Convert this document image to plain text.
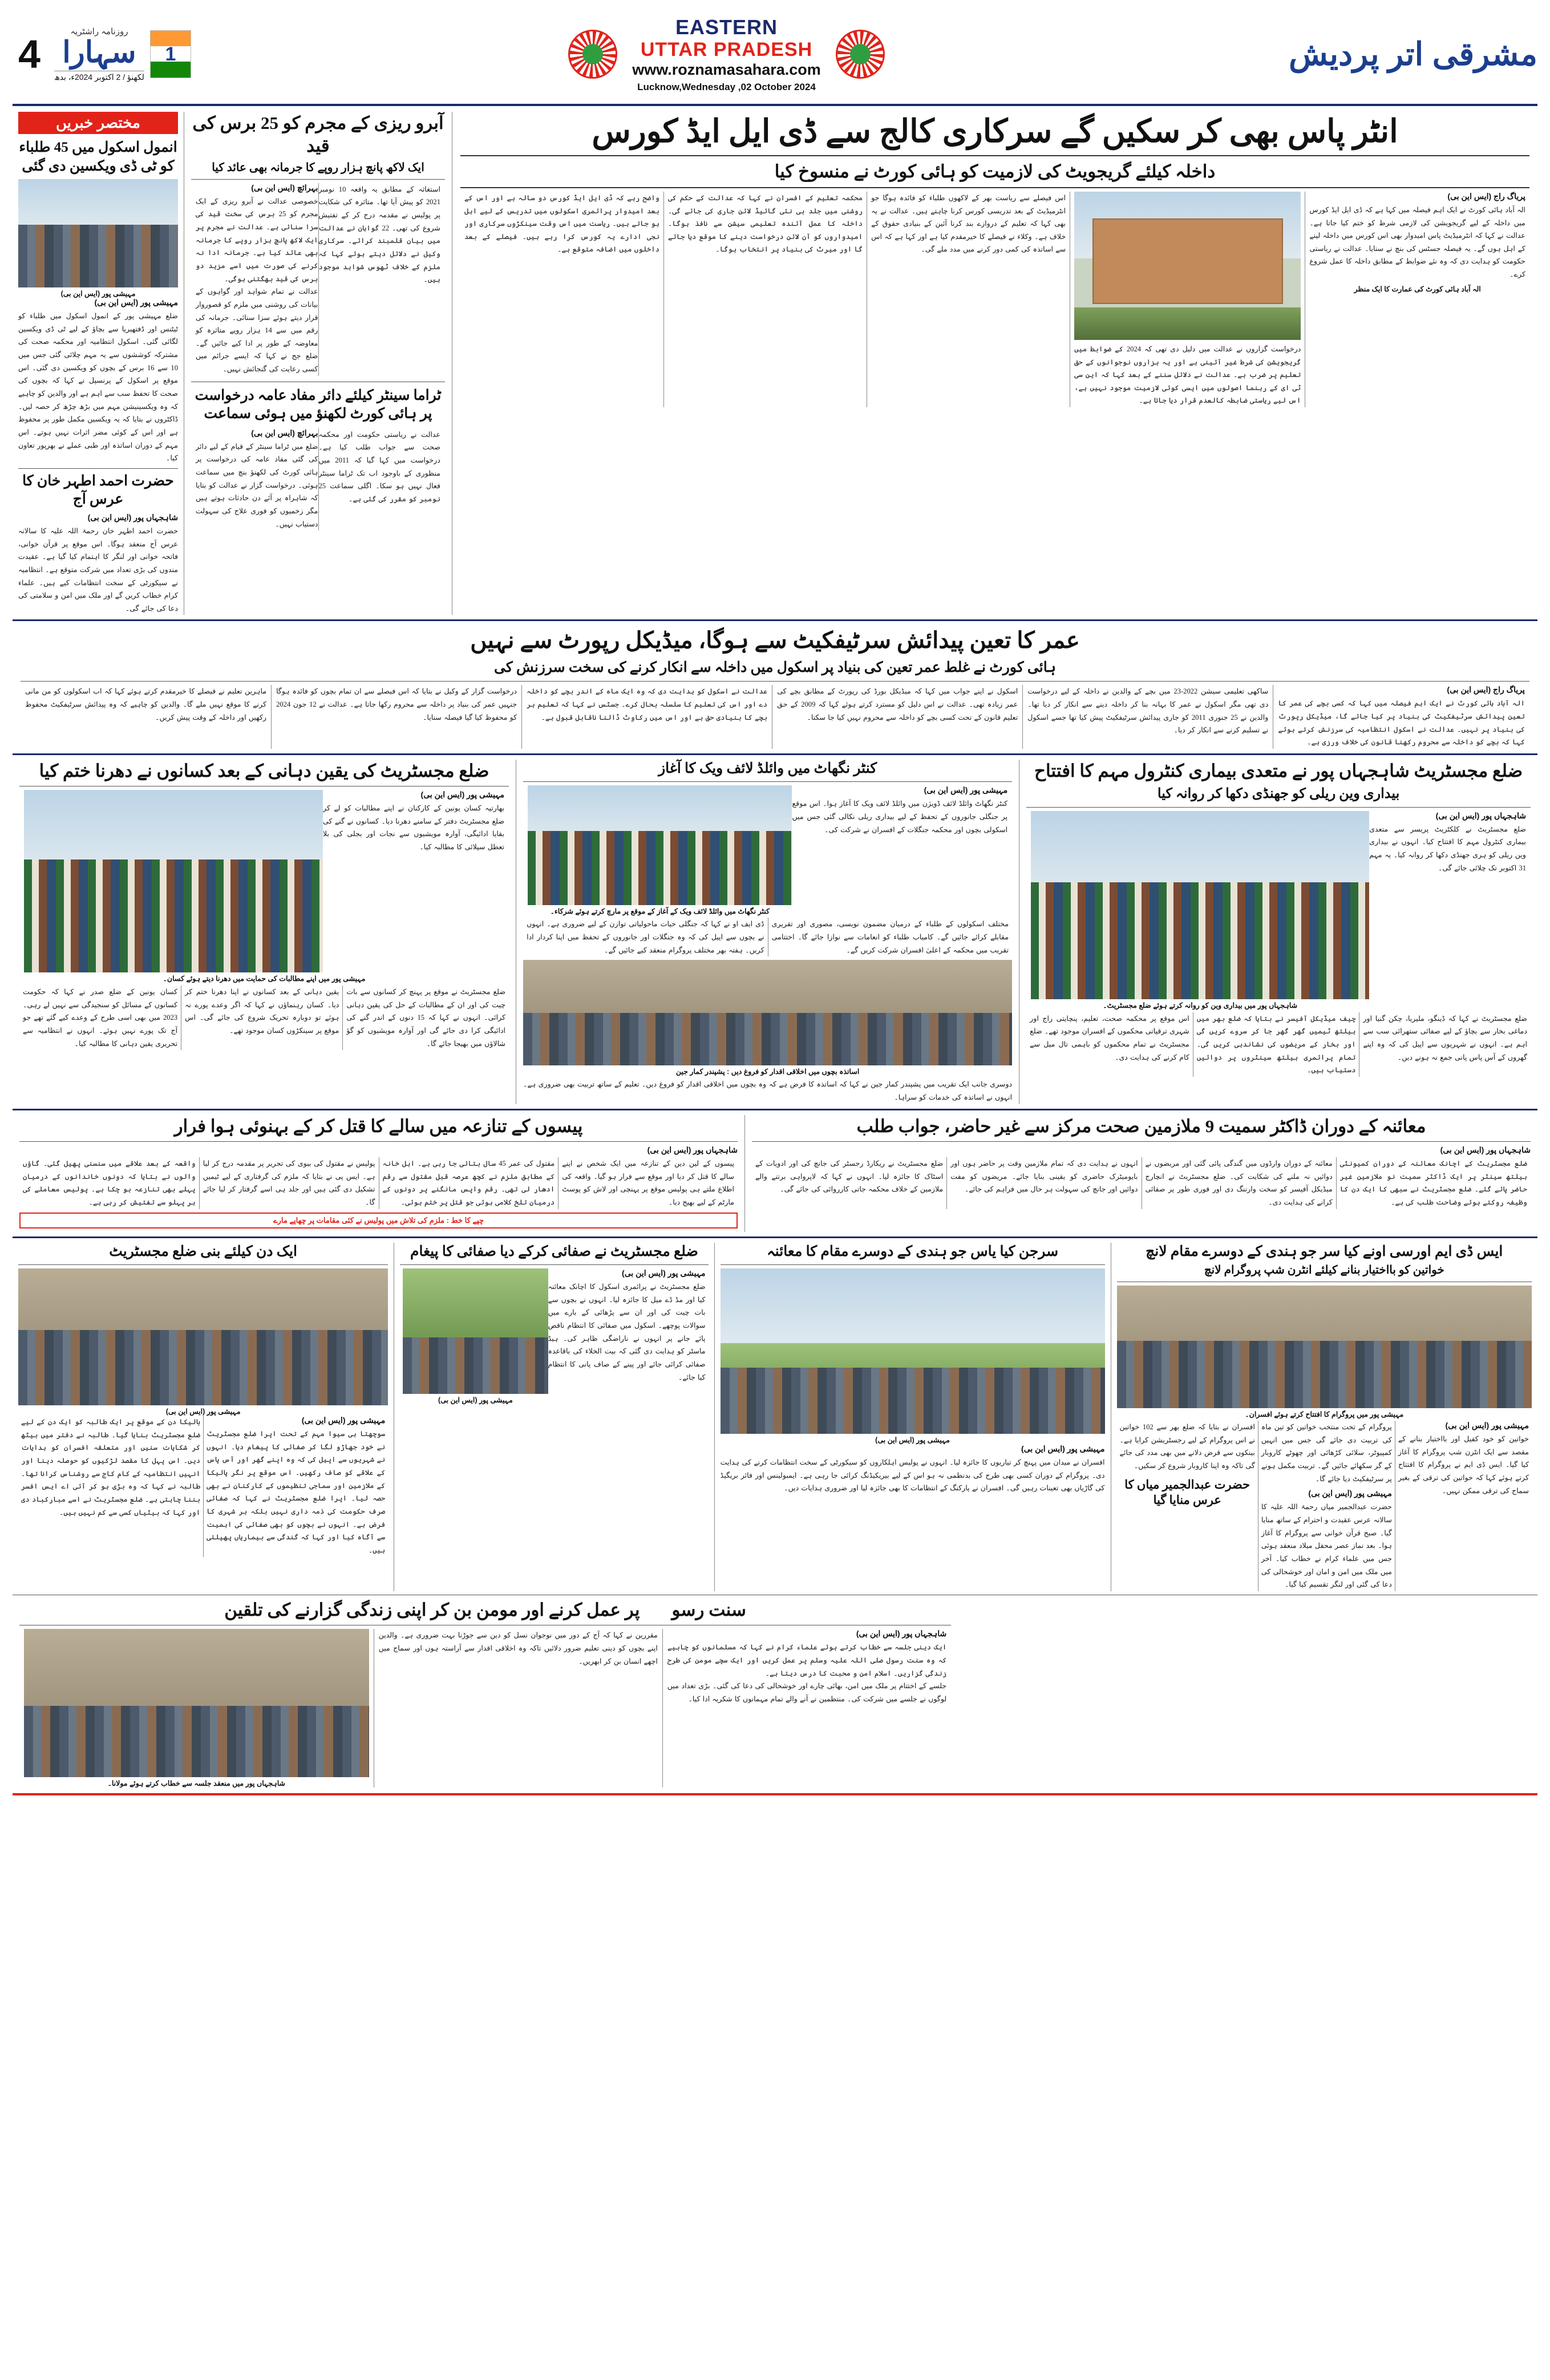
4
روزنامہ راشٹریہ
سہارا
لکھنؤ / 2 اکتوبر 2024ء، بدھ
1
EASTERN
UTTAR PRADESH
www.roznamasahara.com
Lucknow,Wednesday ,02 October 2024
مشرقی اتر پردیش
مختصر خبریں
انمول اسکول میں 45 طلباء کو ٹی ڈی ویکسین دی گئی
مہیشی پور (ایس این بی)
مہیشی پور (ایس این بی)
ضلع مہیشی پور کے انمول اسکول میں طلباء کو ٹیٹنس اور ڈفتھیریا سے بچاؤ کے لیے ٹی ڈی ویکسین لگائی گئی۔ اسکول انتظامیہ اور محکمہ صحت کی مشترکہ کوششوں سے یہ مہم چلائی گئی جس میں 10 سے 16 برس کے بچوں کو ویکسین دی گئی۔ اس موقع پر اسکول کے پرنسپل نے کہا کہ بچوں کی صحت کا تحفظ سب سے اہم ہے اور والدین کو چاہیے کہ وہ ویکسینیشن مہم میں بڑھ چڑھ کر حصہ لیں۔ ڈاکٹروں نے بتایا کہ یہ ویکسین مکمل طور پر محفوظ ہے اور اس کے کوئی مضر اثرات نہیں ہوتے۔ اس مہم کے دوران اساتذہ اور طبی عملے نے بھرپور تعاون کیا۔
حضرت احمد اطہر خان کا عرس آج
شاہجہاں پور (ایس این بی)
حضرت احمد اطہر خان رحمۃ اللہ علیہ کا سالانہ عرس آج منعقد ہوگا۔ اس موقع پر قرآن خوانی، فاتحہ خوانی اور لنگر کا اہتمام کیا گیا ہے۔ عقیدت مندوں کی بڑی تعداد میں شرکت متوقع ہے۔ انتظامیہ نے سیکورٹی کے سخت انتظامات کیے ہیں۔ علماء کرام خطاب کریں گے اور ملک میں امن و سلامتی کی دعا کی جائے گی۔
آبرو ریزی کے مجرم کو 25 برس کی قید
ایک لاکھ پانچ ہزار روپے کا جرمانہ بھی عائد کیا
بہرائچ (ایس این بی)
خصوصی عدالت نے آبرو ریزی کے ایک مجرم کو 25 برس کی سخت قید کی سزا سنائی ہے۔ عدالت نے مجرم پر ایک لاکھ پانچ ہزار روپے کا جرمانہ بھی عائد کیا ہے۔ جرمانہ ادا نہ کرنے کی صورت میں اسے مزید دو برس کی قید بھگتنی ہوگی۔
عدالت نے تمام شواہد اور گواہوں کے بیانات کی روشنی میں ملزم کو قصوروار قرار دیتے ہوئے سزا سنائی۔ جرمانہ کی رقم میں سے 14 ہزار روپے متاثرہ کو معاوضہ کے طور پر ادا کیے جائیں گے۔ ضلع جج نے کہا کہ ایسے جرائم میں کسی رعایت کی گنجائش نہیں۔
استغاثہ کے مطابق یہ واقعہ 10 نومبر 2021 کو پیش آیا تھا۔ متاثرہ کی شکایت پر پولیس نے مقدمہ درج کر کے تفتیش شروع کی تھی۔ 22 گواہان نے عدالت میں بیان قلمبند کرائے۔ سرکاری وکیل نے دلائل دیتے ہوئے کہا کہ ملزم کے خلاف ٹھوس شواہد موجود ہیں۔
ٹراما سینٹر کیلئے دائر مفاد عامہ درخواست پر ہائی کورٹ لکھنؤ میں ہوئی سماعت
بہرائچ (ایس این بی)
ضلع میں ٹراما سینٹر کے قیام کے لیے دائر کی گئی مفاد عامہ کی درخواست پر ہائی کورٹ کی لکھنؤ بنچ میں سماعت ہوئی۔ درخواست گزار نے عدالت کو بتایا کہ شاہراہ پر آئے دن حادثات ہوتے ہیں مگر زخمیوں کو فوری علاج کی سہولت دستیاب نہیں۔
عدالت نے ریاستی حکومت اور محکمہ صحت سے جواب طلب کیا ہے۔ درخواست میں کہا گیا کہ 2011 میں منظوری کے باوجود اب تک ٹراما سینٹر فعال نہیں ہو سکا۔ اگلی سماعت 25 نومبر کو مقرر کی گئی ہے۔
انٹر پاس بھی کر سکیں گے سرکاری کالج سے ڈی ایل ایڈ کورس
داخلہ کیلئے گریجویٹ کی لازمیت کو ہائی کورٹ نے منسوخ کیا
واضح رہے کہ ڈی ایل ایڈ کورس دو سالہ ہے اور اس کے بعد امیدوار پرائمری اسکولوں میں تدریس کے لیے اہل ہو جاتے ہیں۔ ریاست میں اس وقت سینکڑوں سرکاری اور نجی ادارے یہ کورس کرا رہے ہیں۔ فیصلے کے بعد داخلوں میں اضافہ متوقع ہے۔
محکمہ تعلیم کے افسران نے کہا کہ عدالت کے حکم کی روشنی میں جلد ہی نئی گائیڈ لائن جاری کی جائے گی۔ داخلہ کا عمل آئندہ تعلیمی سیشن سے نافذ ہوگا۔ امیدواروں کو آن لائن درخواست دینے کا موقع دیا جائے گا اور میرٹ کی بنیاد پر انتخاب ہوگا۔
اس فیصلے سے ریاست بھر کے لاکھوں طلباء کو فائدہ ہوگا جو انٹرمیڈیٹ کے بعد تدریسی کورس کرنا چاہتے ہیں۔ عدالت نے یہ بھی کہا کہ تعلیم کے دروازے بند کرنا آئین کے بنیادی حقوق کے خلاف ہے۔ وکلاء نے فیصلے کا خیرمقدم کیا ہے اور کہا ہے کہ اس سے اساتذہ کی کمی دور کرنے میں مدد ملے گی۔
درخواست گزاروں نے عدالت میں دلیل دی تھی کہ 2024 کے ضوابط میں گریجویشن کی شرط غیر آئینی ہے اور یہ ہزاروں نوجوانوں کے حق تعلیم پر ضرب ہے۔ عدالت نے دلائل سننے کے بعد کہا کہ این سی ٹی ای کے رہنما اصولوں میں ایسی کوئی لازمیت موجود نہیں ہے، اس لیے ریاستی ضابطہ کالعدم قرار دیا جاتا ہے۔
پریاگ راج (ایس این بی)
الہ آباد ہائی کورٹ نے ایک اہم فیصلہ میں کہا ہے کہ ڈی ایل ایڈ کورس میں داخلہ کے لیے گریجویشن کی لازمی شرط کو ختم کیا جاتا ہے۔ عدالت نے کہا کہ انٹرمیڈیٹ پاس امیدوار بھی اس کورس میں داخلہ لینے کے اہل ہوں گے۔ یہ فیصلہ جسٹس کی بنچ نے سنایا۔ عدالت نے ریاستی حکومت کو ہدایت دی کہ وہ نئے ضوابط کے مطابق داخلہ کا عمل شروع کرے۔
الہ آباد ہائی کورٹ کی عمارت کا ایک منظر
عمر کا تعین پیدائش سرٹیفکیٹ سے ہوگا، میڈیکل رپورٹ سے نہیں
ہائی کورٹ نے غلط عمر تعین کی بنیاد پر اسکول میں داخلہ سے انکار کرنے کی سخت سرزنش کی
ماہرین تعلیم نے فیصلے کا خیرمقدم کرتے ہوئے کہا کہ اب اسکولوں کو من مانی کرنے کا موقع نہیں ملے گا۔ والدین کو چاہیے کہ وہ پیدائش سرٹیفکیٹ محفوظ رکھیں اور داخلہ کے وقت پیش کریں۔
درخواست گزار کے وکیل نے بتایا کہ اس فیصلے سے ان تمام بچوں کو فائدہ ہوگا جنہیں عمر کی بنیاد پر داخلہ سے محروم رکھا جاتا ہے۔ عدالت نے 12 جون 2024 کو محفوظ کیا گیا فیصلہ سنایا۔
عدالت نے اسکول کو ہدایت دی کہ وہ ایک ماہ کے اندر بچے کو داخلہ دے اور اس کی تعلیم کا سلسلہ بحال کرے۔ جسٹس نے کہا کہ تعلیم ہر بچے کا بنیادی حق ہے اور اس میں رکاوٹ ڈالنا ناقابل قبول ہے۔
اسکول نے اپنے جواب میں کہا کہ میڈیکل بورڈ کی رپورٹ کے مطابق بچے کی عمر زیادہ تھی۔ عدالت نے اس دلیل کو مسترد کرتے ہوئے کہا کہ 2009 کے حق تعلیم قانون کے تحت کسی بچے کو داخلہ سے محروم نہیں کیا جا سکتا۔
ساکھی تعلیمی سیشن 2022-23 میں بچے کے والدین نے داخلہ کے لیے درخواست دی تھی مگر اسکول نے عمر کا بہانہ بنا کر داخلہ دینے سے انکار کر دیا تھا۔ والدین نے 25 جنوری 2011 کو جاری پیدائش سرٹیفکیٹ پیش کیا تھا جسے اسکول نے تسلیم کرنے سے انکار کر دیا۔
پریاگ راج (ایس این بی)
الہ آباد ہائی کورٹ نے ایک اہم فیصلہ میں کہا کہ کسی بچے کی عمر کا تعین پیدائش سرٹیفکیٹ کی بنیاد پر کیا جائے گا، میڈیکل رپورٹ کی بنیاد پر نہیں۔ عدالت نے اسکول انتظامیہ کی سرزنش کرتے ہوئے کہا کہ بچے کو داخلہ سے محروم رکھنا قانون کی خلاف ورزی ہے۔
ضلع مجسٹریٹ کی یقین دہانی کے بعد کسانوں نے دھرنا ختم کیا
مہیشی پور (ایس این بی)
بھارتیہ کسان یونین کے کارکنان نے اپنے مطالبات کو لے کر ضلع مجسٹریٹ دفتر کے سامنے دھرنا دیا۔ کسانوں نے گنے کی بقایا ادائیگی، آوارہ مویشیوں سے نجات اور بجلی کی بلا تعطل سپلائی کا مطالبہ کیا۔
مہیشی پور میں اپنے مطالبات کی حمایت میں دھرنا دیتے ہوئے کسان۔
کسان یونین کے ضلع صدر نے کہا کہ حکومت کسانوں کے مسائل کو سنجیدگی سے نہیں لے رہی۔ 2023 میں بھی اسی طرح کے وعدے کیے گئے تھے جو آج تک پورے نہیں ہوئے۔ انہوں نے انتظامیہ سے تحریری یقین دہانی کا مطالبہ کیا۔
یقین دہانی کے بعد کسانوں نے اپنا دھرنا ختم کر دیا۔ کسان رہنماؤں نے کہا کہ اگر وعدے پورے نہ ہوئے تو دوبارہ تحریک شروع کی جائے گی۔ اس موقع پر سینکڑوں کسان موجود تھے۔
ضلع مجسٹریٹ نے موقع پر پہنچ کر کسانوں سے بات چیت کی اور ان کے مطالبات کے حل کی یقین دہانی کرائی۔ انہوں نے کہا کہ 15 دنوں کے اندر گنے کی ادائیگی کرا دی جائے گی اور آوارہ مویشیوں کو گؤ شالاؤں میں بھیجا جائے گا۔
کنٹر نگھاٹ میں وائلڈ لائف ویک کا آغاز
کنٹر نگھاٹ میں وائلڈ لائف ویک کے آغاز کے موقع پر مارچ کرتے ہوئے شرکاء۔
مہیشی پور (ایس این بی)
کنٹر نگھاٹ وائلڈ لائف ڈویژن میں وائلڈ لائف ویک کا آغاز ہوا۔ اس موقع پر جنگلی جانوروں کے تحفظ کے لیے بیداری ریلی نکالی گئی جس میں اسکولی بچوں اور محکمہ جنگلات کے افسران نے شرکت کی۔
ڈی ایف او نے کہا کہ جنگلی حیات ماحولیاتی توازن کے لیے ضروری ہے۔ انہوں نے بچوں سے اپیل کی کہ وہ جنگلات اور جانوروں کے تحفظ میں اپنا کردار ادا کریں۔ ہفتہ بھر مختلف پروگرام منعقد کیے جائیں گے۔
مختلف اسکولوں کے طلباء کے درمیان مضمون نویسی، مصوری اور تقریری مقابلے کرائے جائیں گے۔ کامیاب طلباء کو انعامات سے نوازا جائے گا۔ اختتامی تقریب میں محکمہ کے اعلیٰ افسران شرکت کریں گے۔
اساتذہ بچوں میں اخلاقی اقدار کو فروغ دیں : پشپندر کمار جین
دوسری جانب ایک تقریب میں پشپندر کمار جین نے کہا کہ اساتذہ کا فرض ہے کہ وہ بچوں میں اخلاقی اقدار کو فروغ دیں۔ تعلیم کے ساتھ تربیت بھی ضروری ہے۔ انہوں نے اساتذہ کی خدمات کو سراہا۔
ضلع مجسٹریٹ شاہجہاں پور نے متعدی بیماری کنٹرول مہم کا افتتاح
بیداری وین ریلی کو جھنڈی دکھا کر روانہ کیا
شاہجہاں پور میں بیداری وین کو روانہ کرتے ہوئے ضلع مجسٹریٹ۔
شاہجہاں پور (ایس این بی)
ضلع مجسٹریٹ نے کلکٹریٹ پریسر سے متعدی بیماری کنٹرول مہم کا افتتاح کیا۔ انہوں نے بیداری وین ریلی کو ہری جھنڈی دکھا کر روانہ کیا۔ یہ مہم 31 اکتوبر تک چلائی جائے گی۔
اس موقع پر محکمہ صحت، تعلیم، پنچایتی راج اور شہری ترقیاتی محکموں کے افسران موجود تھے۔ ضلع مجسٹریٹ نے تمام محکموں کو باہمی تال میل سے کام کرنے کی ہدایت دی۔
چیف میڈیکل آفیسر نے بتایا کہ ضلع بھر میں ہیلتھ ٹیمیں گھر گھر جا کر سروے کریں گی اور بخار کے مریضوں کی نشاندہی کریں گی۔ تمام پرائمری ہیلتھ سینٹروں پر دوائیں دستیاب ہیں۔
ضلع مجسٹریٹ نے کہا کہ ڈینگو، ملیریا، چکن گنیا اور دماغی بخار سے بچاؤ کے لیے صفائی ستھرائی سب سے اہم ہے۔ انہوں نے شہریوں سے اپیل کی کہ وہ اپنے گھروں کے آس پاس پانی جمع نہ ہونے دیں۔
پیسوں کے تنازعہ میں سالے کا قتل کر کے بہنوئی ہوا فرار
شاہجہاں پور (ایس این بی)
واقعہ کے بعد علاقے میں سنسنی پھیل گئی۔ گاؤں والوں نے بتایا کہ دونوں خاندانوں کے درمیان پہلے بھی تنازعہ ہو چکا ہے۔ پولیس معاملے کی ہر پہلو سے تفتیش کر رہی ہے۔
پولیس نے مقتول کی بیوی کی تحریر پر مقدمہ درج کر لیا ہے۔ ایس پی نے بتایا کہ ملزم کی گرفتاری کے لیے ٹیمیں تشکیل دی گئی ہیں اور جلد ہی اسے گرفتار کر لیا جائے گا۔
مقتول کی عمر 45 سال بتائی جا رہی ہے۔ اہل خانہ کے مطابق ملزم نے کچھ عرصہ قبل مقتول سے رقم ادھار لی تھی۔ رقم واپس مانگنے پر دونوں کے درمیان تلخ کلامی ہوئی جو قتل پر ختم ہوئی۔
پیسوں کے لین دین کے تنازعہ میں ایک شخص نے اپنے سالے کا قتل کر دیا اور موقع سے فرار ہو گیا۔ واقعہ کی اطلاع ملتے ہی پولیس موقع پر پہنچی اور لاش کو پوسٹ مارٹم کے لیے بھیج دیا۔
چپے کا خط : ملزم کی تلاش میں پولیس نے کئی مقامات پر چھاپے مارے
معائنہ کے دوران ڈاکٹر سمیت 9 ملازمین صحت مرکز سے غیر حاضر، جواب طلب
شاہجہاں پور (ایس این بی)
ضلع مجسٹریٹ نے ریکارڈ رجسٹر کی جانچ کی اور ادویات کے اسٹاک کا جائزہ لیا۔ انہوں نے کہا کہ لاپرواہی برتنے والے ملازمین کے خلاف محکمہ جاتی کارروائی کی جائے گی۔
انہوں نے ہدایت دی کہ تمام ملازمین وقت پر حاضر ہوں اور بایومیٹرک حاضری کو یقینی بنایا جائے۔ مریضوں کو مفت دوائیں اور جانچ کی سہولت ہر حال میں فراہم کی جائے۔
معائنہ کے دوران وارڈوں میں گندگی پائی گئی اور مریضوں نے دوائیں نہ ملنے کی شکایت کی۔ ضلع مجسٹریٹ نے انچارج میڈیکل آفیسر کو سخت وارننگ دی اور فوری طور پر صفائی کرانے کی ہدایت دی۔
ضلع مجسٹریٹ کے اچانک معائنہ کے دوران کمیونٹی ہیلتھ سینٹر پر ایک ڈاکٹر سمیت نو ملازمین غیر حاضر پائے گئے۔ ضلع مجسٹریٹ نے سبھی کا ایک دن کا وظیفہ روکتے ہوئے وضاحت طلب کی ہے۔
ایک دن کیلئے بنی ضلع مجسٹریٹ
مہیشی پور (ایس این بی)
بالیکا دن کے موقع پر ایک طالبہ کو ایک دن کے لیے ضلع مجسٹریٹ بنایا گیا۔ طالبہ نے دفتر میں بیٹھ کر شکایات سنیں اور متعلقہ افسران کو ہدایات دیں۔ اس پہل کا مقصد لڑکیوں کو حوصلہ دینا اور انہیں انتظامیہ کے کام کاج سے روشناس کرانا تھا۔ طالبہ نے کہا کہ وہ بڑی ہو کر آئی اے ایس افسر بننا چاہتی ہے۔ ضلع مجسٹریٹ نے اسے مبارکباد دی اور کہا کہ بیٹیاں کسی سے کم نہیں ہیں۔
مہیشی پور (ایس این بی)
سوچھتا ہی سیوا مہم کے تحت اپرا ضلع مجسٹریٹ نے خود جھاڑو لگا کر صفائی کا پیغام دیا۔ انہوں نے شہریوں سے اپیل کی کہ وہ اپنے گھر اور آس پاس کے علاقے کو صاف رکھیں۔ اس موقع پر نگر پالیکا کے ملازمین اور سماجی تنظیموں کے کارکنان نے بھی حصہ لیا۔ اپرا ضلع مجسٹریٹ نے کہا کہ صفائی صرف حکومت کی ذمہ داری نہیں بلکہ ہر شہری کا فرض ہے۔ انہوں نے بچوں کو بھی صفائی کی اہمیت سے آگاہ کیا اور کہا کہ گندگی سے بیماریاں پھیلتی ہیں۔
ضلع مجسٹریٹ نے صفائی کرکے دیا صفائی کا پیغام
مہیشی پور (ایس این بی)
مہیشی پور (ایس این بی)
ضلع مجسٹریٹ نے پرائمری اسکول کا اچانک معائنہ کیا اور مڈ ڈے میل کا جائزہ لیا۔ انہوں نے بچوں سے بات چیت کی اور ان سے پڑھائی کے بارے میں سوالات پوچھے۔ اسکول میں صفائی کا انتظام ناقص پائے جانے پر انہوں نے ناراضگی ظاہر کی۔ ہیڈ ماسٹر کو ہدایت دی گئی کہ بیت الخلاء کی باقاعدہ صفائی کرائی جائے اور پینے کے صاف پانی کا انتظام کیا جائے۔
سرجن کیا یاس جو ہندی کے دوسرے مقام کا معائنہ
مہیشی پور (ایس این بی)
مہیشی پور (ایس این بی)
افسران نے میدان میں پہنچ کر تیاریوں کا جائزہ لیا۔ انہوں نے پولیس اہلکاروں کو سیکورٹی کے سخت انتظامات کرنے کی ہدایت دی۔ پروگرام کے دوران کسی بھی طرح کی بدنظمی نہ ہو اس کے لیے بیریکیڈنگ کرائی جا رہی ہے۔ ایمبولینس اور فائر بریگیڈ کی گاڑیاں بھی تعینات رہیں گی۔ افسران نے پارکنگ کے انتظامات کا بھی جائزہ لیا اور ضروری ہدایات دیں۔
ایس ڈی ایم اورسی اونے کیا سر جو ہندی کے دوسرے مقام لانچ
خواتین کو بااختیار بنانے کیلئے انٹرن شپ پروگرام لانچ
مہیشی پور میں پروگرام کا افتتاح کرتے ہوئے افسران۔
افسران نے بتایا کہ ضلع بھر سے 102 خواتین نے اس پروگرام کے لیے رجسٹریشن کرایا ہے۔ بینکوں سے قرض دلانے میں بھی مدد کی جائے گی تاکہ وہ اپنا کاروبار شروع کر سکیں۔
حضرت عبدالجمیر میاں کا عرس منایا گیا
پروگرام کے تحت منتخب خواتین کو تین ماہ کی تربیت دی جائے گی جس میں انہیں کمپیوٹر، سلائی کڑھائی اور چھوٹے کاروبار کے گر سکھائے جائیں گے۔ تربیت مکمل ہونے پر سرٹیفکیٹ دیا جائے گا۔
مہیشی پور (ایس این بی)
حضرت عبدالجمیر میاں رحمۃ اللہ علیہ کا سالانہ عرس عقیدت و احترام کے ساتھ منایا گیا۔ صبح قرآن خوانی سے پروگرام کا آغاز ہوا۔ بعد نماز عصر محفل میلاد منعقد ہوئی جس میں علماء کرام نے خطاب کیا۔ آخر میں ملک میں امن و امان اور خوشحالی کی دعا کی گئی اور لنگر تقسیم کیا گیا۔
مہیشی پور (ایس این بی)
خواتین کو خود کفیل اور بااختیار بنانے کے مقصد سے ایک انٹرن شپ پروگرام کا آغاز کیا گیا۔ ایس ڈی ایم نے پروگرام کا افتتاح کرتے ہوئے کہا کہ خواتین کی ترقی کے بغیر سماج کی ترقی ممکن نہیں۔
سنت رسولؐ پر عمل کرنے اور مومن بن کر اپنی زندگی گزارنے کی تلقین
شاہجہاں پور میں منعقد جلسہ سے خطاب کرتے ہوئے مولانا۔
مقررین نے کہا کہ آج کے دور میں نوجوان نسل کو دین سے جوڑنا بہت ضروری ہے۔ والدین اپنے بچوں کو دینی تعلیم ضرور دلائیں تاکہ وہ اخلاقی اقدار سے آراستہ ہوں اور سماج میں اچھے انسان بن کر ابھریں۔
شاہجہاں پور (ایس این بی)
ایک دینی جلسہ سے خطاب کرتے ہوئے علماء کرام نے کہا کہ مسلمانوں کو چاہیے کہ وہ سنت رسول صلی اللہ علیہ وسلم پر عمل کریں اور ایک سچے مومن کی طرح زندگی گزاریں۔ اسلام امن و محبت کا درس دیتا ہے۔
جلسے کے اختتام پر ملک میں امن، بھائی چارے اور خوشحالی کی دعا کی گئی۔ بڑی تعداد میں لوگوں نے جلسے میں شرکت کی۔ منتظمین نے آنے والے تمام مہمانوں کا شکریہ ادا کیا۔
